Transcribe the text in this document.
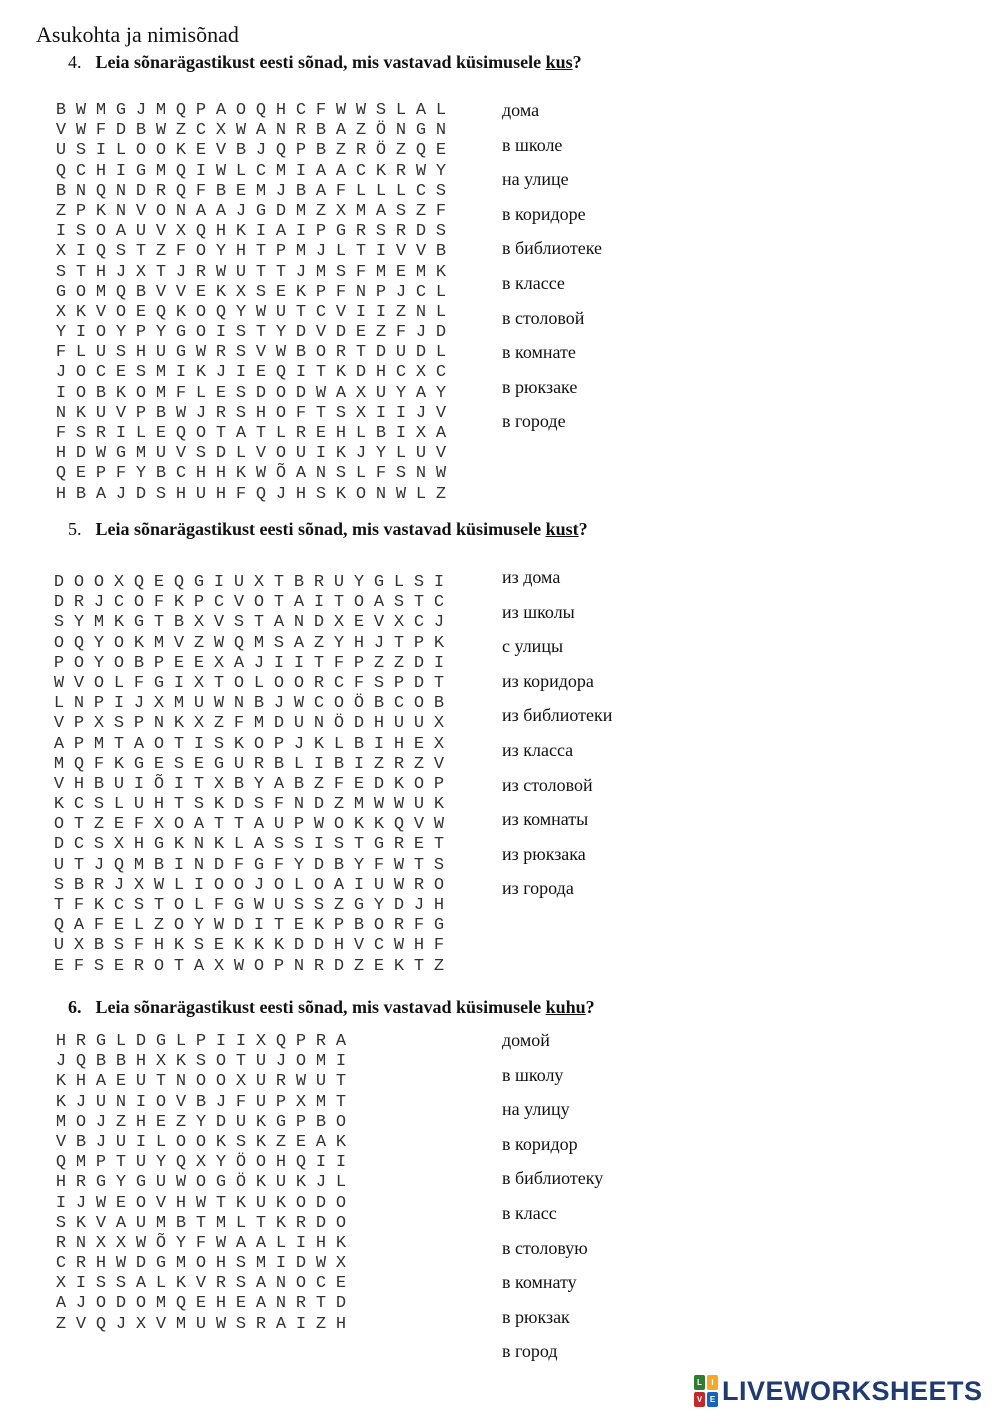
Asukohta ja nimisõnad
4. Leia sõnarägastikust eesti sõnad, mis vastavad küsimusele kus?
B W M G J M Q P A O Q H C F W W S L A L
V W F D B W Z C X W A N R B A Z Ö N G N
U S I L O O K E V B J Q P B Z R Ö Z Q E
Q C H I G M Q I W L C M I A A C K R W Y
B N Q N D R Q F B E M J B A F L L L C S
Z P K N V O N A A J G D M Z X M A S Z F
I S O A U V X Q H K I A I P G R S R D S
X I Q S T Z F O Y H T P M J L T I V V B
S T H J X T J R W U T T J M S F M E M K
G O M Q B V V E K X S E K P F N P J C L
X K V O E Q K O Q Y W U T C V I I Z N L
Y I O Y P Y G O I S T Y D V D E Z F J D
F L U S H U G W R S V W B O R T D U D L
J O C E S M I K J I E Q I T K D H C X C
I O B K O M F L E S D O D W A X U Y A Y
N K U V P B W J R S H O F T S X I I J V
F S R I L E Q O T A T L R E H L B I X A
H D W G M U V S D L V O U I K J Y L U V
Q E P F Y B C H H K W Õ A N S L F S N W
H B A J D S H U H F Q J H S K O N W L Z
дома
в школе
на улице
в коридоре
в библиотеке
в классе
в столовой
в комнате
в рюкзаке
в городе
5. Leia sõnarägastikust eesti sõnad, mis vastavad küsimusele kust?
D O O X Q E Q G I U X T B R U Y G L S I
D R J C O F K P C V O T A I T O A S T C
S Y M K G T B X V S T A N D X E V X C J
O Q Y O K M V Z W Q M S A Z Y H J T P K
P O Y O B P E E X A J I I T F P Z Z D I
W V O L F G I X T O L O O R C F S P D T
L N P I J X M U W N B J W C O Ö B C O B
V P X S P N K X Z F M D U N Ö D H U U X
A P M T A O T I S K O P J K L B I H E X
M Q F K G E S E G U R B L I B I Z R Z V
V H B U I Õ I T X B Y A B Z F E D K O P
K C S L U H T S K D S F N D Z M W W U K
O T Z E F X O A T T A U P W O K K Q V W
D C S X H G K N K L A S S I S T G R E T
U T J Q M B I N D F G F Y D B Y F W T S
S B R J X W L I O O J O L O A I U W R O
T F K C S T O L F G W U S S Z G Y D J H
Q A F E L Z O Y W D I T E K P B O R F G
U X B S F H K S E K K K D D H V C W H F
E F S E R O T A X W O P N R D Z E K T Z
из дома
из школы
с улицы
из коридора
из библиотеки
из класса
из столовой
из комнаты
из рюкзака
из города
6. Leia sõnarägastikust eesti sõnad, mis vastavad küsimusele kuhu?
H R G L D G L P I I X Q P R A
J Q B B H X K S O T U J O M I
K H A E U T N O O X U R W U T
K J U N I O V B J F U P X M T
M O J Z H E Z Y D U K G P B O
V B J U I L O O K S K Z E A K
Q M P T U Y Q X Y Ö O H Q I I
H R G Y G U W O G Ö K U K J L
I J W E O V H W T K U K O D O
S K V A U M B T M L T K R D O
R N X X W Õ Y F W A A L I H K
C R H W D G M O H S M I D W X
X I S S A L K V R S A N O C E
A J O D O M Q E H E A N R T D
Z V Q J X V M U W S R A I Z H
домой
в школу
на улицу
в коридор
в библиотеку
в класс
в столовую
в комнату
в рюкзак
в город
L	I
V E LIVEWORKSHEETS
